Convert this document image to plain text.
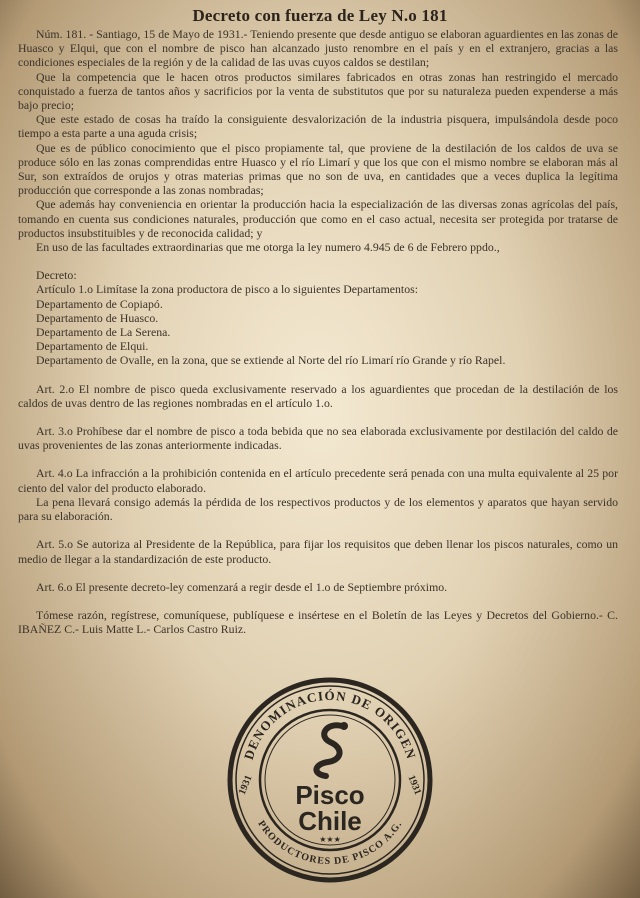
Decreto con fuerza de Ley N.o 181

Núm. 181. - Santiago, 15 de Mayo de 1931.- Teniendo presente que desde antiguo se elaboran aguardientes en las zonas de Huasco y Elqui, que con el nombre de pisco han alcanzado justo renombre en el país y en el extranjero, gracias a las condiciones especiales de la región y de la calidad de las uvas cuyos caldos se destilan;

Que la competencia que le hacen otros productos similares fabricados en otras zonas han restringido el mercado conquistado a fuerza de tantos años y sacrificios por la venta de substitutos que por su naturaleza pueden expenderse a más bajo precio;

Que este estado de cosas ha traído la consiguiente desvalorización de la industria pisquera, impulsándola desde poco tiempo a esta parte a una aguda crisis;

Que es de público conocimiento que el pisco propiamente tal, que proviene de la destilación de los caldos de uva se produce sólo en las zonas comprendidas entre Huasco y el río Limarí y que los que con el mismo nombre se elaboran más al Sur, son extraídos de orujos y otras materias primas que no son de uva, en cantidades que a veces duplica la legítima producción que corresponde a las zonas nombradas;

Que además hay conveniencia en orientar la producción hacia la especialización de las diversas zonas agrícolas del país, tomando en cuenta sus condiciones naturales, producción que como en el caso actual, necesita ser protegida por tratarse de productos insubstituibles y de reconocida calidad; y

En uso de las facultades extraordinarias que me otorga la ley numero 4.945 de 6 de Febrero ppdo.,

Decreto:

Artículo 1.o Limítase la zona productora de pisco a lo siguientes Departamentos:

Departamento de Copiapó.

Departamento de Huasco.

Departamento de La Serena.

Departamento de Elqui.

Departamento de Ovalle, en la zona, que se extiende al Norte del río Limarí río Grande y río Rapel.

Art. 2.o El nombre de pisco queda exclusivamente reservado a los aguardientes que procedan de la destilación de los caldos de uvas dentro de las regiones nombradas en el artículo 1.o.

Art. 3.o Prohíbese dar el nombre de pisco a toda bebida que no sea elaborada exclusivamente por destilación del caldo de uvas provenientes de las zonas anteriormente indicadas.

Art. 4.o La infracción a la prohibición contenida en el artículo precedente será penada con una multa equivalente al 25 por ciento del valor del producto elaborado.

La pena llevará consigo además la pérdida de los respectivos productos y de los elementos y aparatos que hayan servido para su elaboración.

Art. 5.o Se autoriza al Presidente de la República, para fijar los requisitos que deben llenar los piscos naturales, como un medio de llegar a la standardización de este producto.

Art. 6.o El presente decreto-ley comenzará a regir desde el 1.o de Septiembre próximo.

Tómese razón, regístrese, comuníquese, publíquese e insértese en el Boletín de las Leyes y Decretos del Gobierno.- C. IBAÑEZ C.- Luis Matte L.- Carlos Castro Ruiz.

DENOMINACIÓN DE ORIGEN
PRODUCTORES DE PISCO A.G.
1931	1931
Pisco
Chile
★★★
